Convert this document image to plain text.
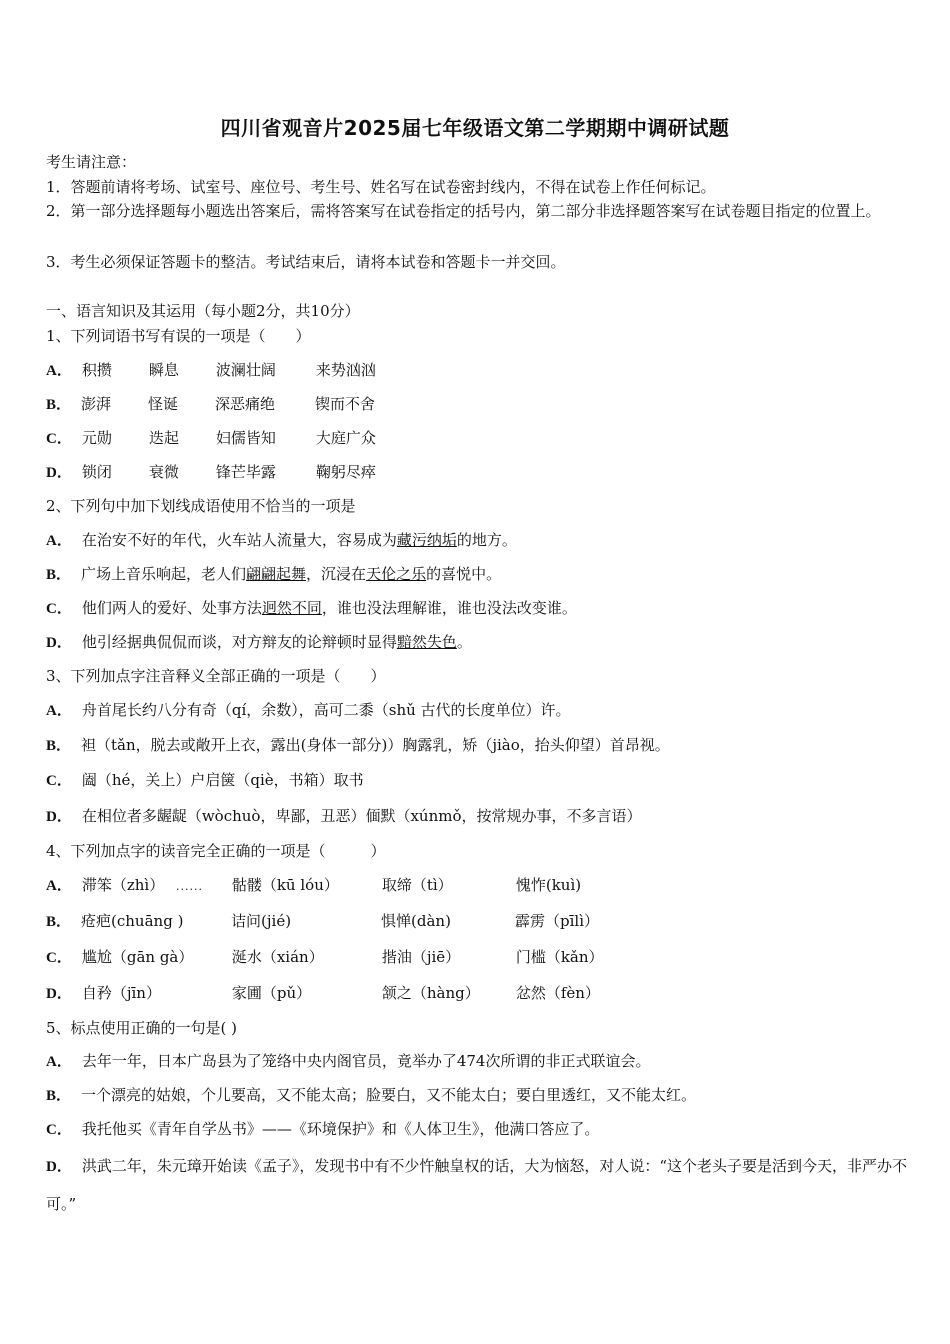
四川省观音片2025届七年级语文第二学期期中调研试题
考生请注意：
1．答题前请将考场、试室号、座位号、考生号、姓名写在试卷密封线内，不得在试卷上作任何标记。
2．第一部分选择题每小题选出答案后，需将答案写在试卷指定的括号内，第二部分非选择题答案写在试卷题目指定的位置上。
3．考生必须保证答题卡的整洁。考试结束后，请将本试卷和答题卡一并交回。
一、语言知识及其运用（每小题2分，共10分）
1、下列词语书写有误的一项是（　　）
A． 积攒 瞬息 波澜壮阔	来势汹汹
B． 澎湃 怪诞 深恶痛绝	锲而不舍
C． 元勋 迭起 妇儒皆知	大庭广众
D． 锁闭 衰微 锋芒毕露	鞠躬尽瘁
2、下列句中加下划线成语使用不恰当的一项是
A． 在治安不好的年代，火车站人流量大，容易成为藏污纳垢的地方。
B． 广场上音乐响起，老人们翩翩起舞，沉浸在天伦之乐的喜悦中。
C． 他们两人的爱好、处事方法迥然不同，谁也没法理解谁，谁也没法改变谁。
D． 他引经据典侃侃而谈，对方辩友的论辩顿时显得黯然失色。
3、下列加点字注音释义全部正确的一项是（　　）
A． 舟首尾长约八分有奇（qí，余数），高可二黍（shǔ 古代的长度单位）许。
B． 袒（tǎn，脱去或敞开上衣，露出(身体一部分)）胸露乳，矫（jiào，抬头仰望）首昂视。
C． 阖（hé，关上）户启箧（qiè，书箱）取书
D． 在相位者多龌龊（wòchuò，卑鄙，丑恶）偭默（xúnmǒ，按常规办事，不多言语）
4、下列加点字的读音完全正确的一项是（　　　）
......
A． 滞笨（zhì）	骷髅（kū lóu）	取缔（tì）	愧怍(kuì)
B． 疮疤(chuāng )	诘问(jié)	惧惮(dàn)	霹雳（pīlì）
C． 尴尬（gān gà）	涎水（xián）	揩油（jiē）	门槛（kǎn）
D． 自矜（jīn）	家圃（pǔ）	颔之（hàng） 忿然（fèn）
5、标点使用正确的一句是( )
A． 去年一年，日本广岛县为了笼络中央内阁官员，竟举办了474次所谓的非正式联谊会。
B． 一个漂亮的姑娘，个儿要高，又不能太高；脸要白，又不能太白；要白里透红，又不能太红。
C． 我托他买《青年自学丛书》——《环境保护》和《人体卫生》，他满口答应了。
D． 洪武二年，朱元璋开始读《孟子》，发现书中有不少忤触皇权的话，大为恼怒，对人说：“这个老头子要是活到今天，非严办不可。”
